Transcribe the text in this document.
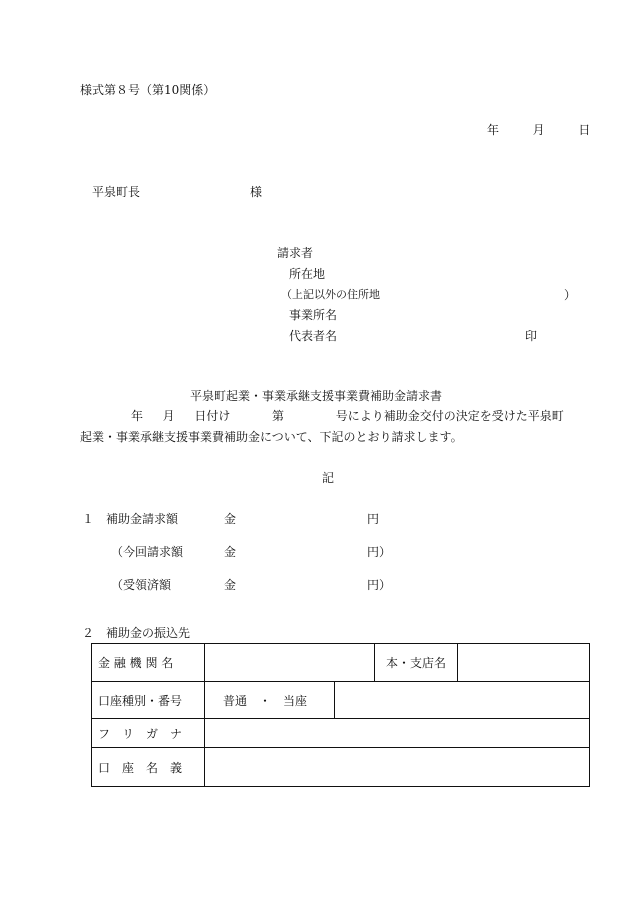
様式第８号（第10関係）
年	月	日
平泉町長	様
請求者
所在地
（上記以外の住所地	）
事業所名
代表者名	印
平泉町起業・事業承継支援事業費補助金請求書
年 月 日付け	第	号により補助金交付の決定を受けた平泉町
起業・事業承継支援事業費補助金について、下記のとおり請求します。
記
１ 補助金請求額	金	円
（今回請求額	金	円）
（受領済額	金	円）
２ 補助金の振込先
金 融 機 関 名			本・支店名	
口座種別・番号	普通　・　当座			
フ　リ　ガ　ナ				
口　座　名　義				
